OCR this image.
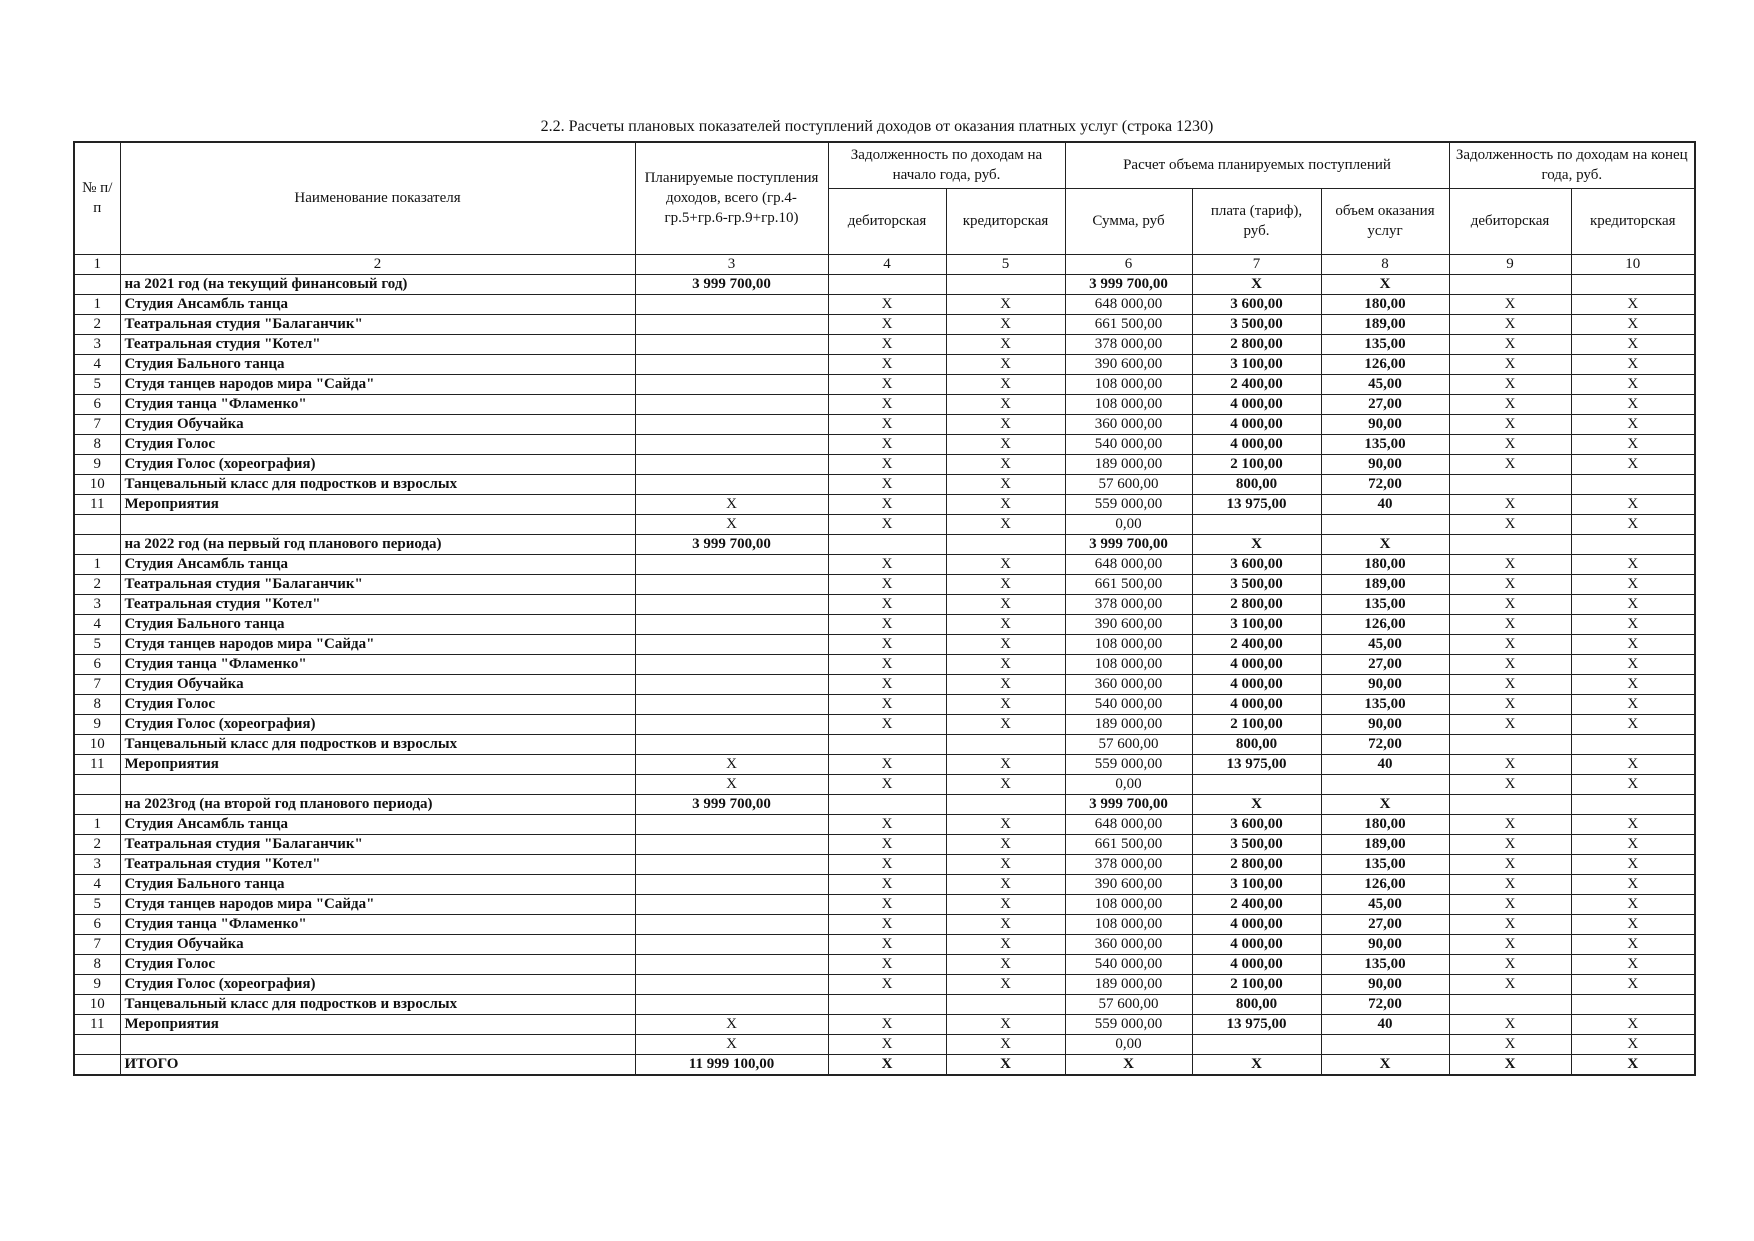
2.2. Расчеты плановых показателей поступлений доходов от оказания платных услуг (строка 1230)
№ п/п	Наименование показателя	Планируемые поступления доходов, всего (гр.4-гр.5+гр.6-гр.9+гр.10)	Задолженность по доходам на начало года, руб.		Расчет объема планируемых поступлений			Задолженность по доходам на конец года, руб.	
			дебиторская	кредиторская	Сумма, руб	плата (тариф), руб.	объем оказания услуг	дебиторская	кредиторская
1	2	3	4	5	6	7	8	9	10
	на 2021 год (на текущий финансовый год)	3 999 700,00			3 999 700,00	X	X		
1	Студия Ансамбль танца		X	X	648 000,00	3 600,00	180,00	X	X
2	Театральная студия "Балаганчик"		X	X	661 500,00	3 500,00	189,00	X	X
3	Театральная студия "Котел"		X	X	378 000,00	2 800,00	135,00	X	X
4	Студия Бального танца		X	X	390 600,00	3 100,00	126,00	X	X
5	Студя танцев народов мира "Сайда"		X	X	108 000,00	2 400,00	45,00	X	X
6	Студия танца "Фламенко"		X	X	108 000,00	4 000,00	27,00	X	X
7	Студия Обучайка		X	X	360 000,00	4 000,00	90,00	X	X
8	Студия Голос		X	X	540 000,00	4 000,00	135,00	X	X
9	Студия Голос (хореография)		X	X	189 000,00	2 100,00	90,00	X	X
10	Танцевальный класс для подростков и взрослых		X	X	57 600,00	800,00	72,00		
11	Мероприятия	X	X	X	559 000,00	13 975,00	40	X	X
		X	X	X	0,00			X	X
	на 2022 год (на первый год планового периода)	3 999 700,00			3 999 700,00	X	X		
1	Студия Ансамбль танца		X	X	648 000,00	3 600,00	180,00	X	X
2	Театральная студия "Балаганчик"		X	X	661 500,00	3 500,00	189,00	X	X
3	Театральная студия "Котел"		X	X	378 000,00	2 800,00	135,00	X	X
4	Студия Бального танца		X	X	390 600,00	3 100,00	126,00	X	X
5	Студя танцев народов мира "Сайда"		X	X	108 000,00	2 400,00	45,00	X	X
6	Студия танца "Фламенко"		X	X	108 000,00	4 000,00	27,00	X	X
7	Студия Обучайка		X	X	360 000,00	4 000,00	90,00	X	X
8	Студия Голос		X	X	540 000,00	4 000,00	135,00	X	X
9	Студия Голос (хореография)		X	X	189 000,00	2 100,00	90,00	X	X
10	Танцевальный класс для подростков и взрослых				57 600,00	800,00	72,00		
11	Мероприятия	X	X	X	559 000,00	13 975,00	40	X	X
		X	X	X	0,00			X	X
	на 2023год (на второй год планового периода)	3 999 700,00			3 999 700,00	X	X		
1	Студия Ансамбль танца		X	X	648 000,00	3 600,00	180,00	X	X
2	Театральная студия "Балаганчик"		X	X	661 500,00	3 500,00	189,00	X	X
3	Театральная студия "Котел"		X	X	378 000,00	2 800,00	135,00	X	X
4	Студия Бального танца		X	X	390 600,00	3 100,00	126,00	X	X
5	Студя танцев народов мира "Сайда"		X	X	108 000,00	2 400,00	45,00	X	X
6	Студия танца "Фламенко"		X	X	108 000,00	4 000,00	27,00	X	X
7	Студия Обучайка		X	X	360 000,00	4 000,00	90,00	X	X
8	Студия Голос		X	X	540 000,00	4 000,00	135,00	X	X
9	Студия Голос (хореография)		X	X	189 000,00	2 100,00	90,00	X	X
10	Танцевальный класс для подростков и взрослых				57 600,00	800,00	72,00		
11	Мероприятия	X	X	X	559 000,00	13 975,00	40	X	X
		X	X	X	0,00			X	X
	ИТОГО	11 999 100,00	X	X	X	X	X	X	X
